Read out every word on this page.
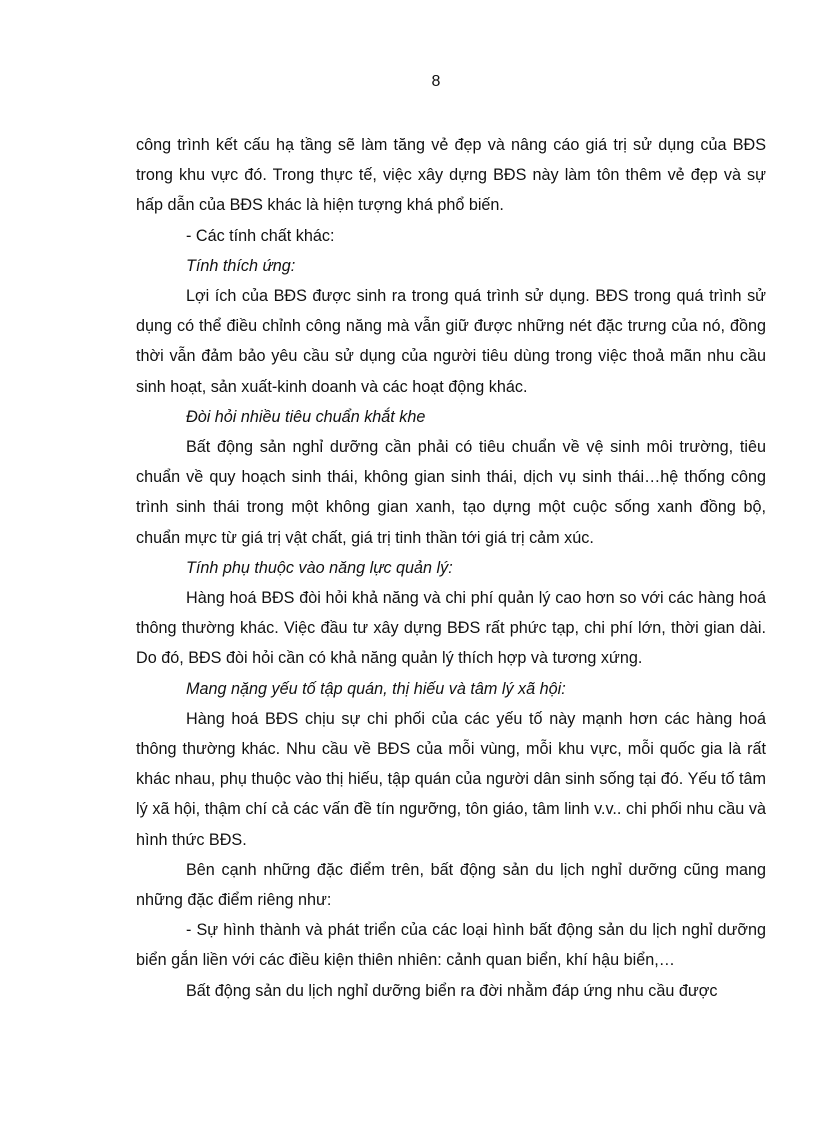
8

công trình kết cấu hạ tầng sẽ làm tăng vẻ đẹp và nâng cáo giá trị sử dụng của BĐS trong khu vực đó. Trong thực tế, việc xây dựng BĐS này làm tôn thêm vẻ đẹp và sự hấp dẫn của BĐS khác là hiện tượng khá phổ biến.

- Các tính chất khác:

Tính thích ứng:

Lợi ích của BĐS được sinh ra trong quá trình sử dụng. BĐS trong quá trình sử dụng có thể điều chỉnh công năng mà vẫn giữ được những nét đặc trưng của nó, đồng thời vẫn đảm bảo yêu cầu sử dụng của người tiêu dùng trong việc thoả mãn nhu cầu sinh hoạt, sản xuất-kinh doanh và các hoạt động khác.

Đòi hỏi nhiều tiêu chuẩn khắt khe

Bất động sản nghỉ dưỡng cần phải có tiêu chuẩn về vệ sinh môi trường, tiêu chuẩn về quy hoạch sinh thái, không gian sinh thái, dịch vụ sinh thái…hệ thống công trình sinh thái trong một không gian xanh, tạo dựng một cuộc sống xanh đồng bộ, chuẩn mực từ giá trị vật chất, giá trị tinh thần tới giá trị cảm xúc.

Tính phụ thuộc vào năng lực quản lý:

Hàng hoá BĐS đòi hỏi khả năng và chi phí quản lý cao hơn so với các hàng hoá thông thường khác. Việc đầu tư xây dựng BĐS rất phức tạp, chi phí lớn, thời gian dài. Do đó, BĐS đòi hỏi cần có khả năng quản lý thích hợp và tương xứng.

Mang nặng yếu tố tập quán, thị hiếu và tâm lý xã hội:

Hàng hoá BĐS chịu sự chi phối của các yếu tố này mạnh hơn các hàng hoá thông thường khác. Nhu cầu về BĐS của mỗi vùng, mỗi khu vực, mỗi quốc gia là rất khác nhau, phụ thuộc vào thị hiếu, tập quán của người dân sinh sống tại đó. Yếu tố tâm lý xã hội, thậm chí cả các vấn đề tín ngưỡng, tôn giáo, tâm linh v.v.. chi phối nhu cầu và hình thức BĐS.

Bên cạnh những đặc điểm trên, bất động sản du lịch nghỉ dưỡng cũng mang những đặc điểm riêng như:

- Sự hình thành và phát triển của các loại hình bất động sản du lịch nghỉ dưỡng biển gắn liền với các điều kiện thiên nhiên: cảnh quan biển, khí hậu biển,…

Bất động sản du lịch nghỉ dưỡng biển ra đời nhằm đáp ứng nhu cầu được
